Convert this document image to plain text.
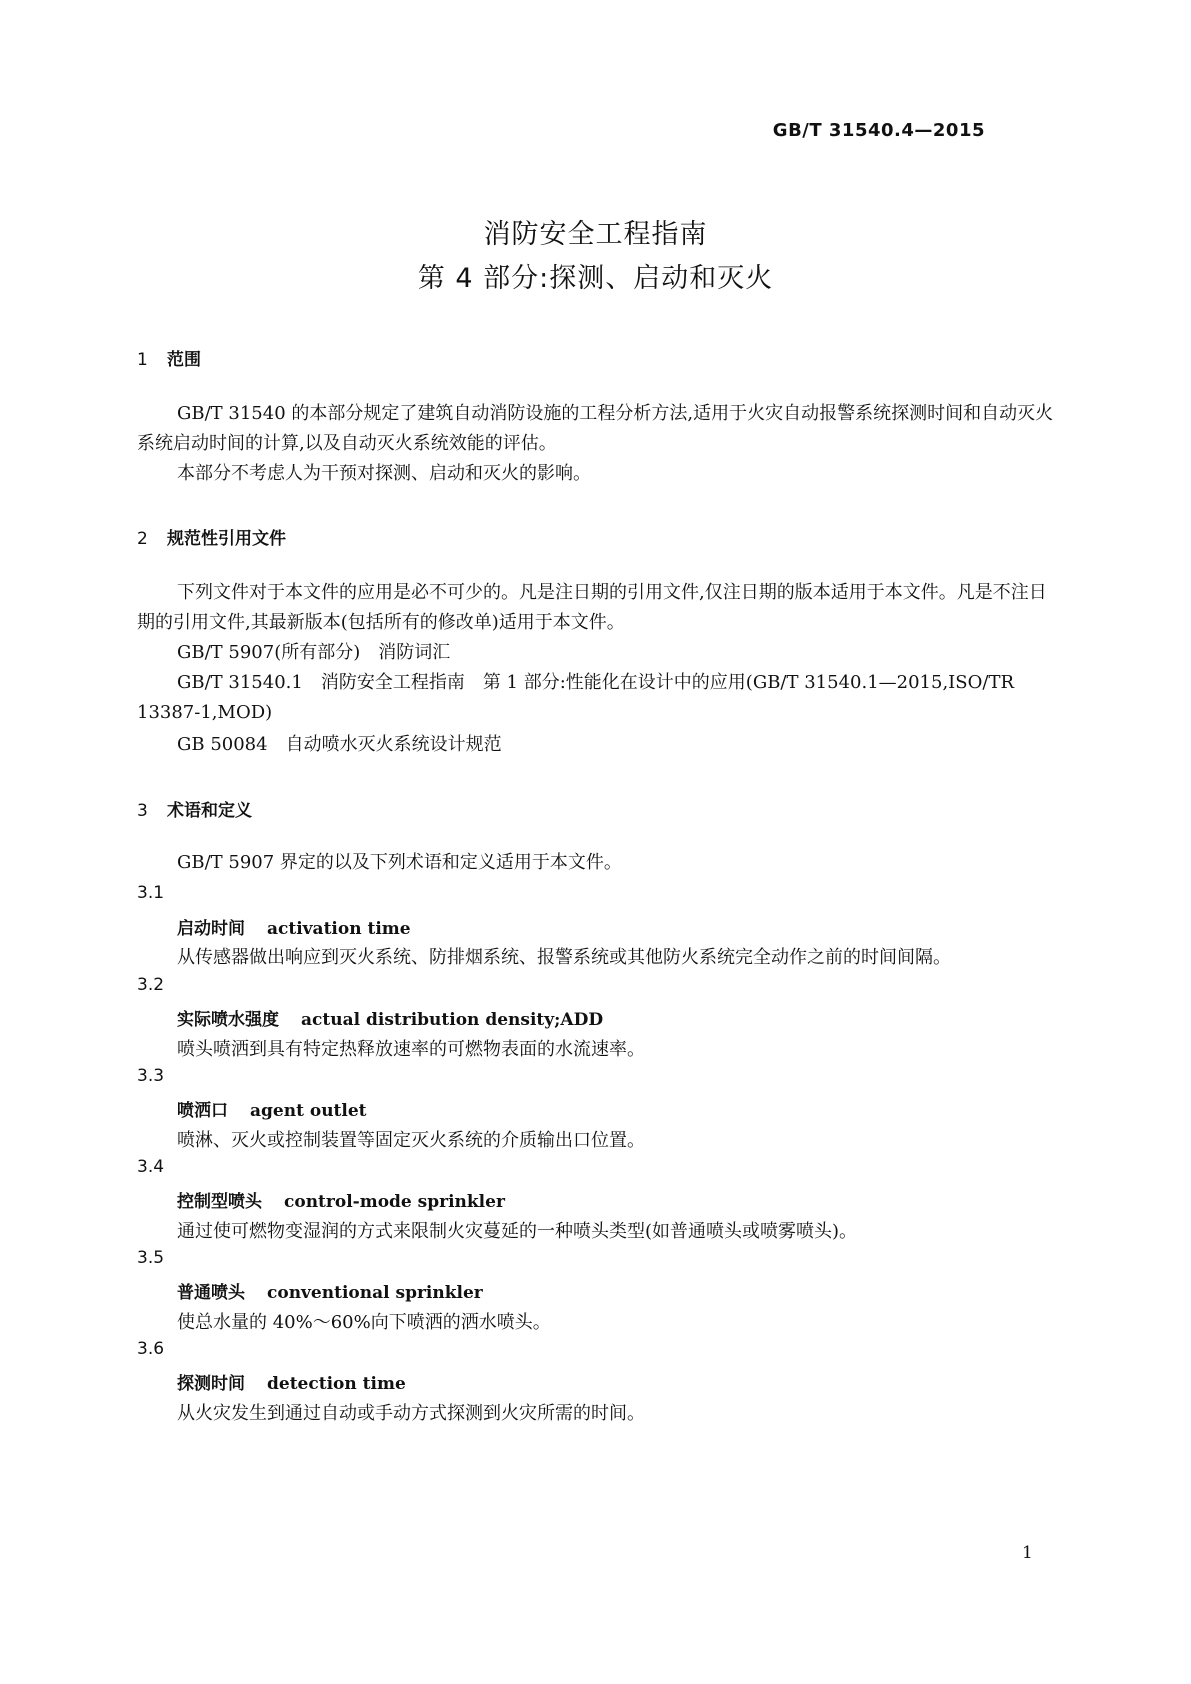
GB/T 31540.4—2015
消防安全工程指南
第 4 部分:探测、启动和灭火
1 范围
GB/T 31540 的本部分规定了建筑自动消防设施的工程分析方法,适用于火灾自动报警系统探测时间和自动灭火系统启动时间的计算,以及自动灭火系统效能的评估。
本部分不考虑人为干预对探测、启动和灭火的影响。
2 规范性引用文件
下列文件对于本文件的应用是必不可少的。凡是注日期的引用文件,仅注日期的版本适用于本文件。凡是不注日期的引用文件,其最新版本(包括所有的修改单)适用于本文件。
GB/T 5907(所有部分)　消防词汇
GB/T 31540.1　消防安全工程指南　第 1 部分:性能化在设计中的应用(GB/T 31540.1—2015,ISO/TR 13387-1,MOD)
GB 50084　自动喷水灭火系统设计规范
3 术语和定义
GB/T 5907 界定的以及下列术语和定义适用于本文件。
3.1
启动时间 activation time
从传感器做出响应到灭火系统、防排烟系统、报警系统或其他防火系统完全动作之前的时间间隔。
3.2
实际喷水强度 actual distribution density;ADD
喷头喷洒到具有特定热释放速率的可燃物表面的水流速率。
3.3
喷洒口 agent outlet
喷淋、灭火或控制装置等固定灭火系统的介质输出口位置。
3.4
控制型喷头 control-mode sprinkler
通过使可燃物变湿润的方式来限制火灾蔓延的一种喷头类型(如普通喷头或喷雾喷头)。
3.5
普通喷头 conventional sprinkler
使总水量的 40%～60%向下喷洒的洒水喷头。
3.6
探测时间 detection time
从火灾发生到通过自动或手动方式探测到火灾所需的时间。
1
